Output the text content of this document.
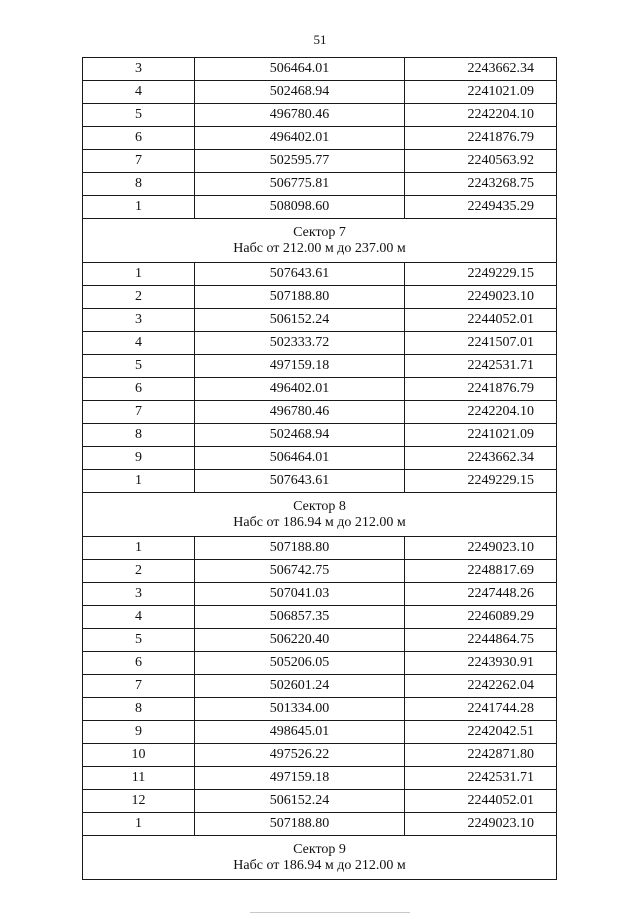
51
3	506464.01	2243662.34
4	502468.94	2241021.09
5	496780.46	2242204.10
6	496402.01	2241876.79
7	502595.77	2240563.92
8	506775.81	2243268.75
1	508098.60	2249435.29

Сектор 7
Набс от 212.00 м до 237.00 м		

1	507643.61	2249229.15
2	507188.80	2249023.10
3	506152.24	2244052.01
4	502333.72	2241507.01
5	497159.18	2242531.71
6	496402.01	2241876.79
7	496780.46	2242204.10
8	502468.94	2241021.09
9	506464.01	2243662.34
1	507643.61	2249229.15

Сектор 8
Набс от 186.94 м до 212.00 м		

1	507188.80	2249023.10
2	506742.75	2248817.69
3	507041.03	2247448.26
4	506857.35	2246089.29
5	506220.40	2244864.75
6	505206.05	2243930.91
7	502601.24	2242262.04
8	501334.00	2241744.28
9	498645.01	2242042.51
10	497526.22	2242871.80
11	497159.18	2242531.71
12	506152.24	2244052.01
1	507188.80	2249023.10

Сектор 9
Набс от 186.94 м до 212.00 м		
